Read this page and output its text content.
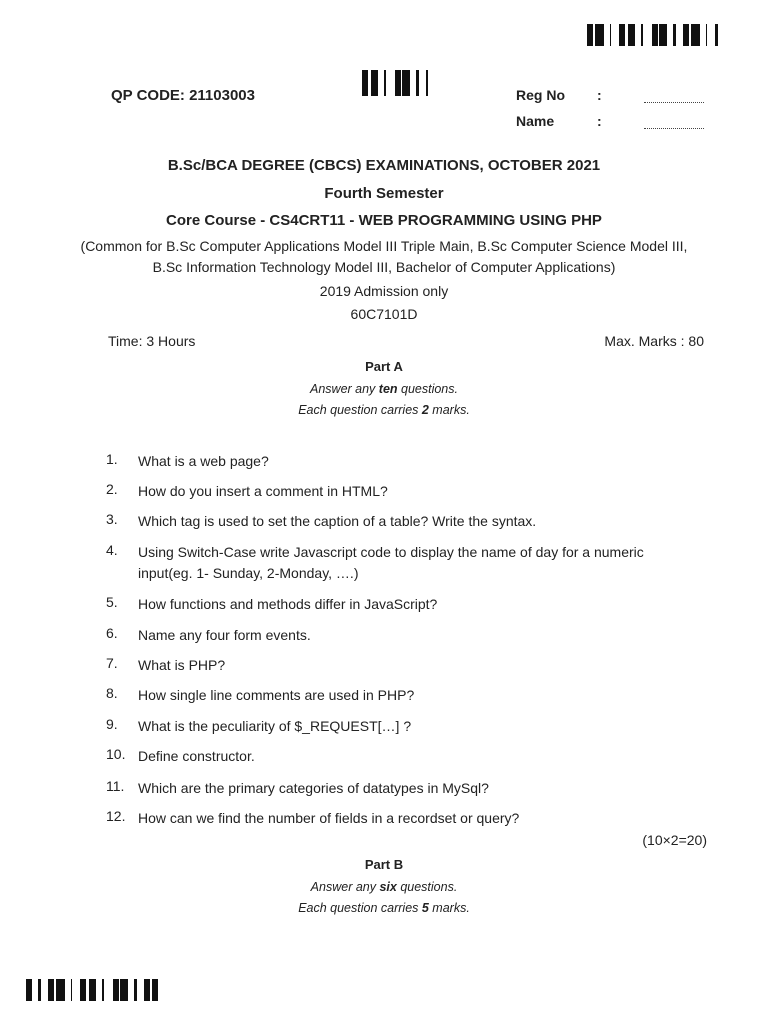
QP CODE: 21103003	Reg No :
Name	:
B.Sc/BCA DEGREE (CBCS) EXAMINATIONS, OCTOBER 2021
Fourth Semester
Core Course - CS4CRT11 - WEB PROGRAMMING USING PHP
(Common for B.Sc Computer Applications Model III Triple Main, B.Sc Computer Science Model III,
B.Sc Information Technology Model III, Bachelor of Computer Applications)
2019 Admission only
60C7101D
Time: 3 Hours	Max. Marks : 80
Part A
Answer any ten questions.
Each question carries 2 marks.
1. What is a web page?
2. How do you insert a comment in HTML?
3. Which tag is used to set the caption of a table? Write the syntax.
4. Using Switch-Case write Javascript code to display the name of day for a numeric input(eg. 1- Sunday, 2-Monday, ….)
5. How functions and methods differ in JavaScript?
6. Name any four form events.
7. What is PHP?
8. How single line comments are used in PHP?
9. What is the peculiarity of $_REQUEST[…] ?
10. Define constructor.
11. Which are the primary categories of datatypes in MySql?
12. How can we find the number of fields in a recordset or query?
(10×2=20)
Part B
Answer any six questions.
Each question carries 5 marks.
